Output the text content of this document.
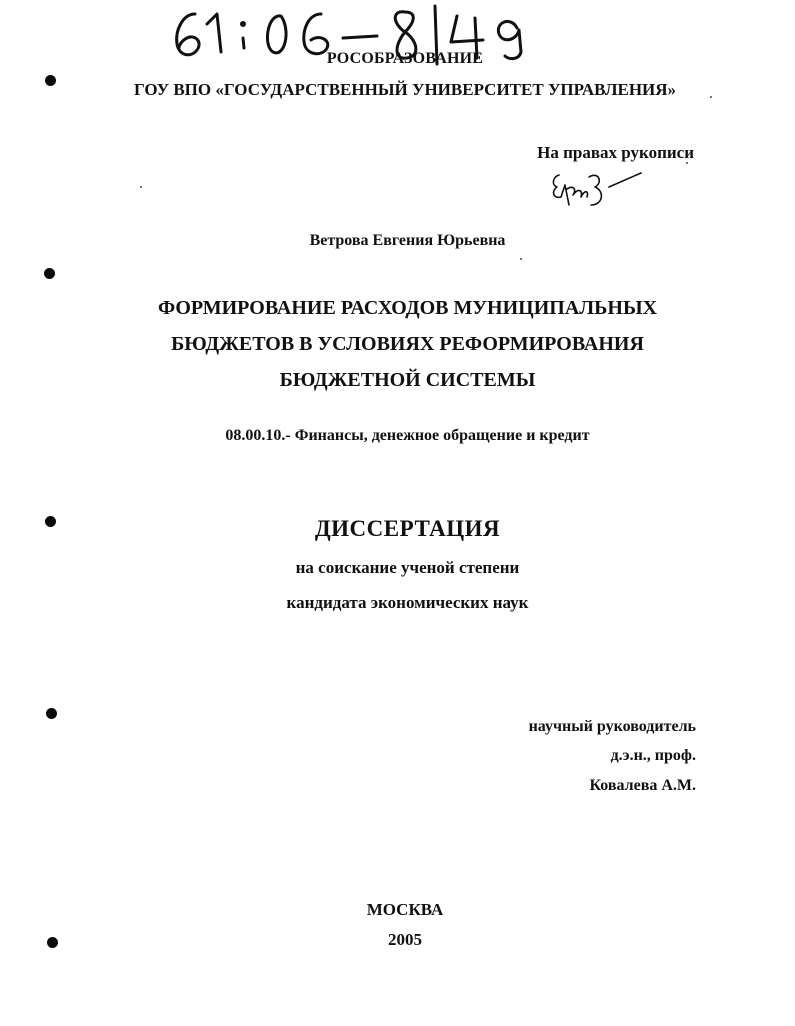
РОСОБРАЗОВАНИЕ
ГОУ ВПО «ГОСУДАРСТВЕННЫЙ УНИВЕРСИТЕТ УПРАВЛЕНИЯ»
На правах рукописи
Ветрова Евгения Юрьевна
ФОРМИРОВАНИЕ РАСХОДОВ МУНИЦИПАЛЬНЫХ
БЮДЖЕТОВ В УСЛОВИЯХ РЕФОРМИРОВАНИЯ
БЮДЖЕТНОЙ СИСТЕМЫ
08.00.10.- Финансы, денежное обращение и кредит
ДИССЕРТАЦИЯ
на соискание ученой степени
кандидата экономических наук
научный руководитель
д.э.н., проф.
Ковалева А.М.
МОСКВА
2005
